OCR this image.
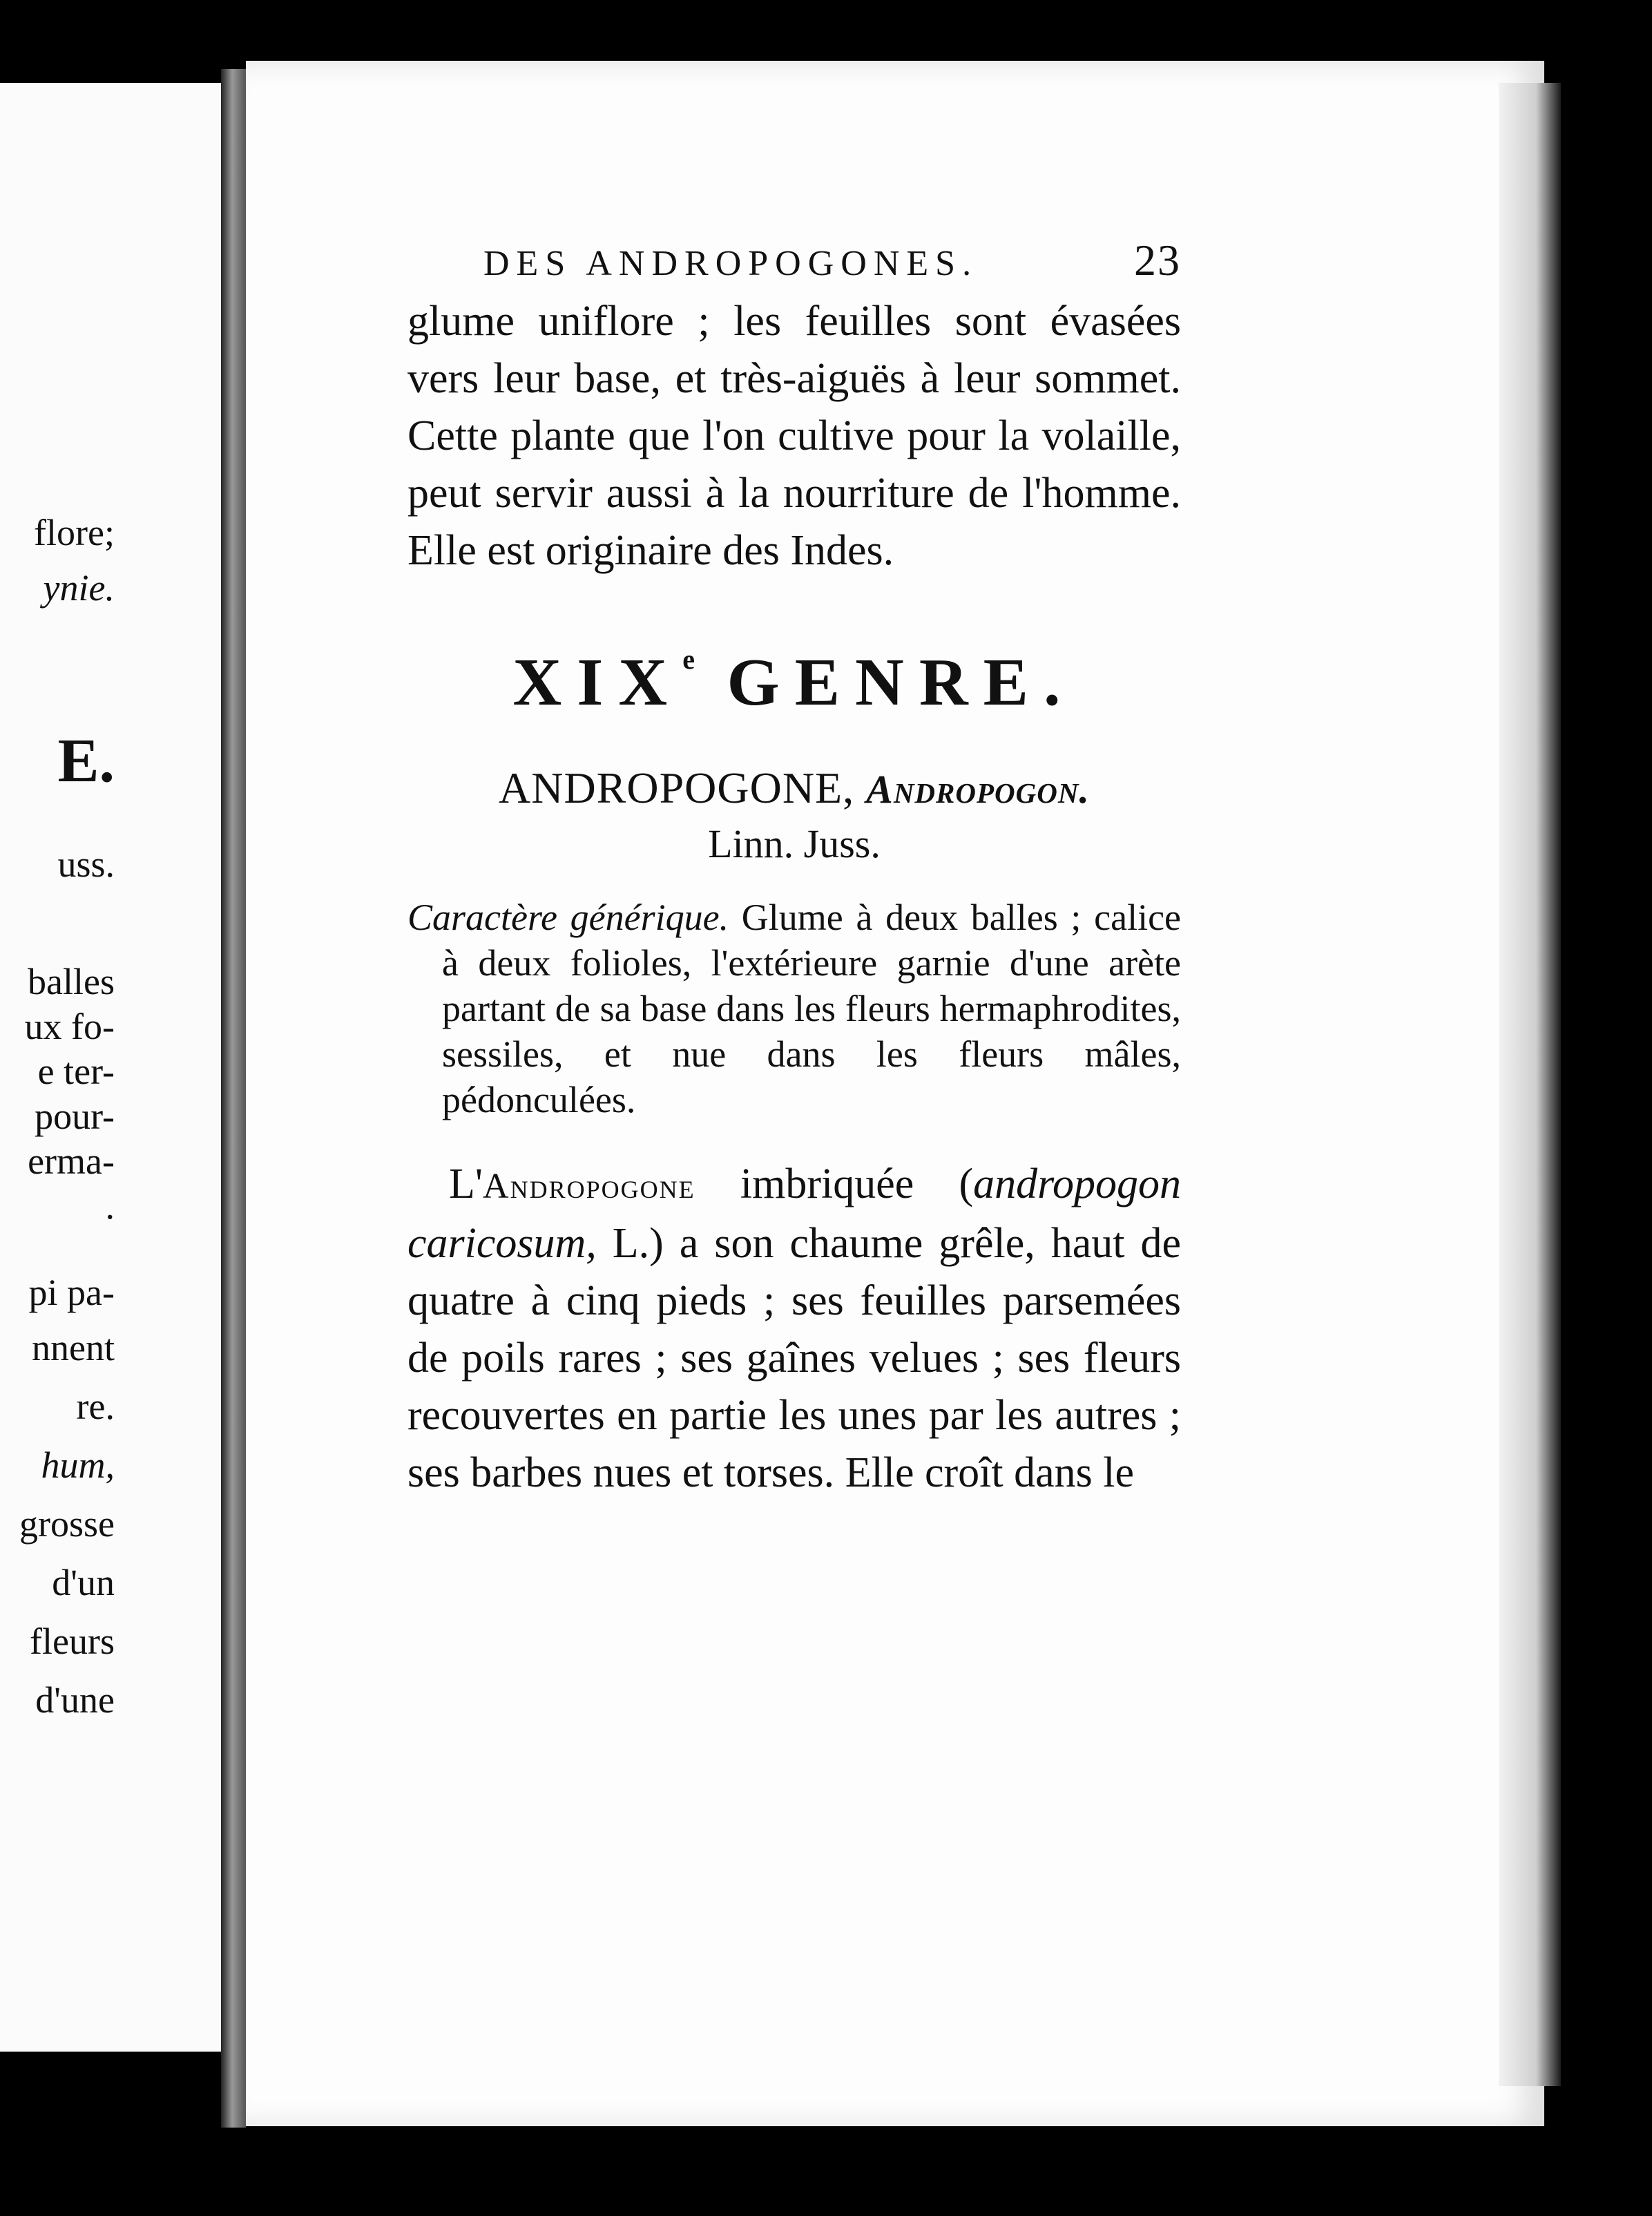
flore;
ynie.
E.
uss.
balles
ux fo-
e ter-
pour-
erma-
.
pi pa-
nnent
re.
hum,
grosse
d'un
fleurs
d'une
DES ANDROPOGONES.	23

glume uniflore ; les feuilles sont évasées vers leur base, et très-aiguës à leur sommet. Cette plante que l'on cultive pour la volaille, peut servir aussi à la nourriture de l'homme. Elle est originaire des Indes.

XIXe GENRE.
ANDROPOGONE, Andropogon.
Linn. Juss.

Caractère générique. Glume à deux balles ; calice à deux folioles, l'extérieure garnie d'une arète partant de sa base dans les fleurs hermaphrodites, sessiles, et nue dans les fleurs mâles, pédonculées.

L'Andropogone imbriquée (andropogon caricosum, L.) a son chaume grêle, haut de quatre à cinq pieds ; ses feuilles parsemées de poils rares ; ses gaînes velues ; ses fleurs recouvertes en partie les unes par les autres ; ses barbes nues et torses. Elle croît dans le
